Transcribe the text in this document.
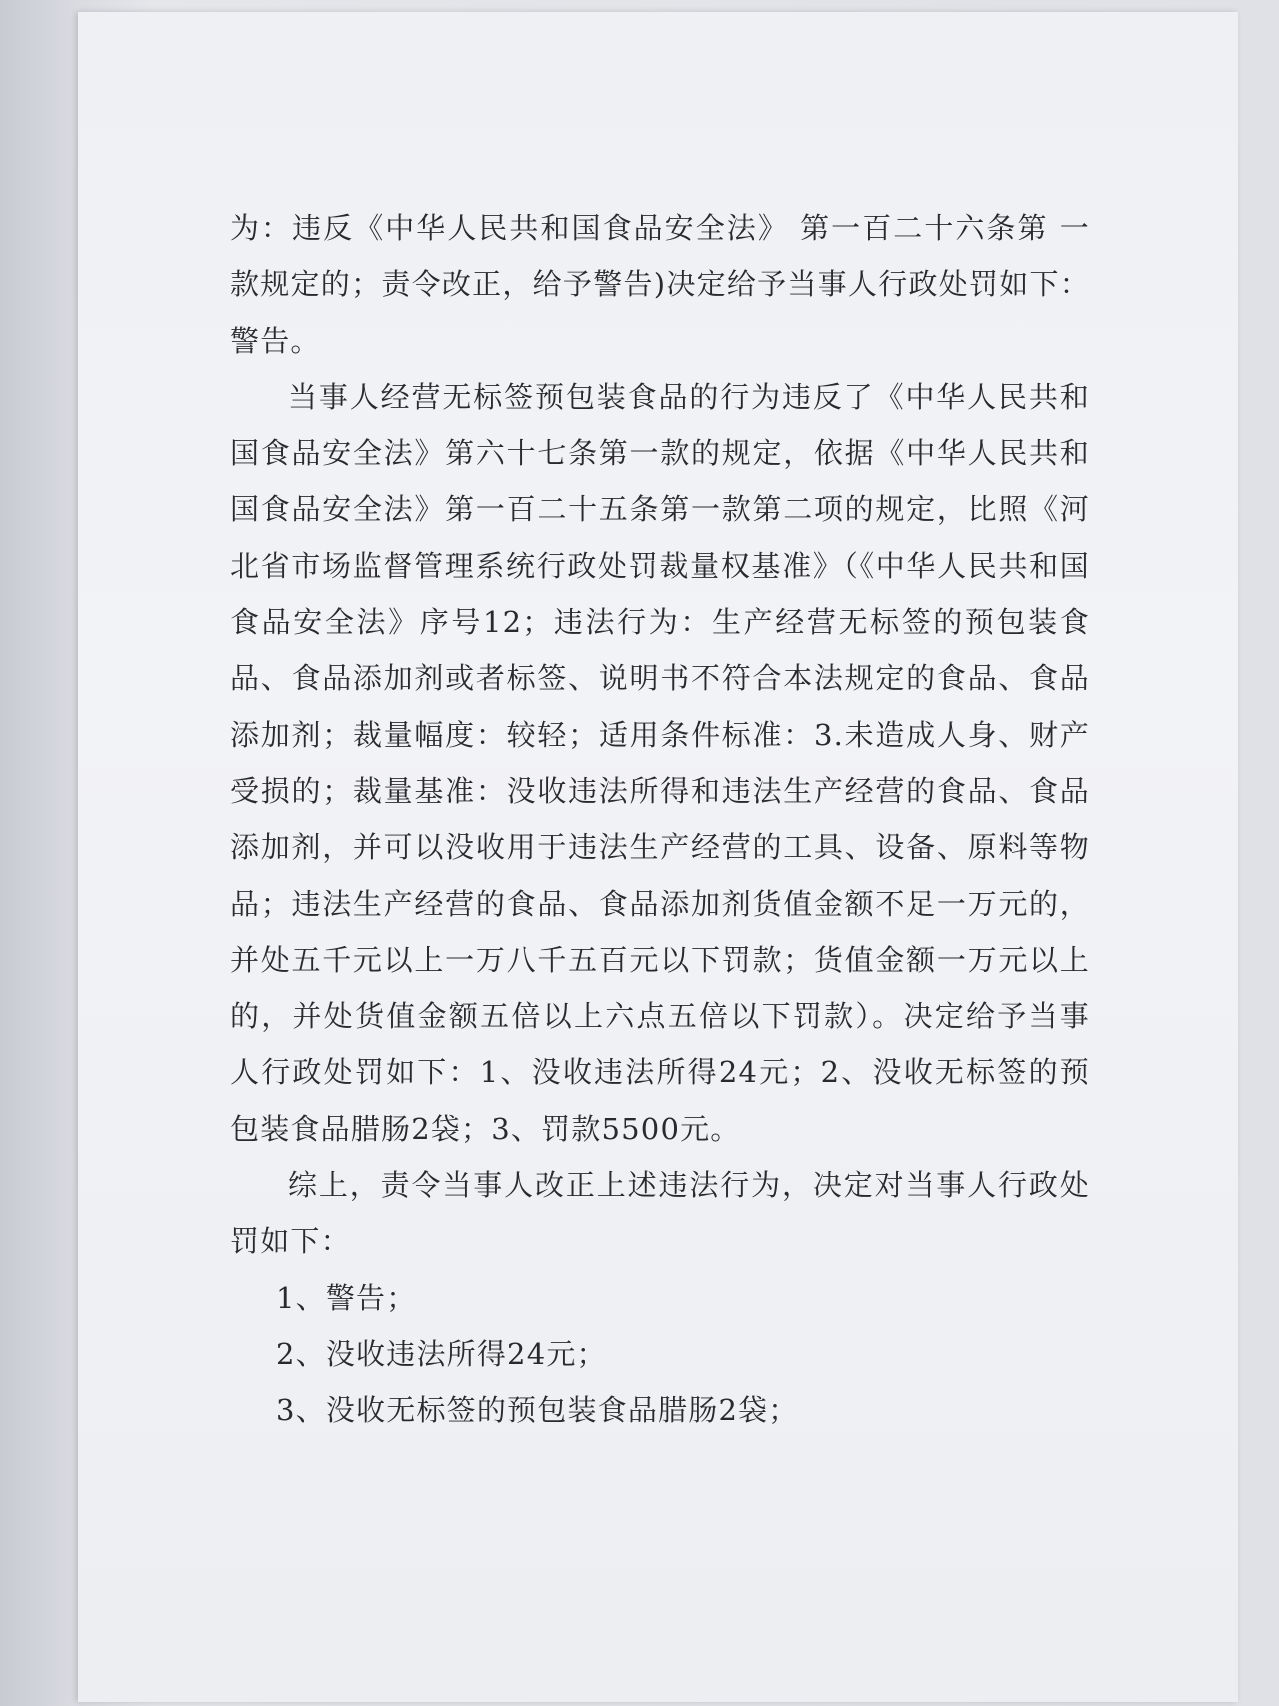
为：违反《中华人民共和国食品安全法》 第一百二十六条第 一款规定的；责令改正，给予警告)决定给予当事人行政处罚如下：警告。

当事人经营无标签预包装食品的行为违反了《中华人民共和国食品安全法》第六十七条第一款的规定，依据《中华人民共和国食品安全法》第一百二十五条第一款第二项的规定，比照《河北省市场监督管理系统行政处罚裁量权基准》（《中华人民共和国食品安全法》序号12；违法行为：生产经营无标签的预包装食品、食品添加剂或者标签、说明书不符合本法规定的食品、食品添加剂；裁量幅度：较轻；适用条件标准：3.未造成人身、财产受损的；裁量基准：没收违法所得和违法生产经营的食品、食品添加剂，并可以没收用于违法生产经营的工具、设备、原料等物品；违法生产经营的食品、食品添加剂货值金额不足一万元的，并处五千元以上一万八千五百元以下罚款；货值金额一万元以上的，并处货值金额五倍以上六点五倍以下罚款）。决定给予当事人行政处罚如下：1、没收违法所得24元；2、没收无标签的预包装食品腊肠2袋；3、罚款5500元。

综上，责令当事人改正上述违法行为，决定对当事人行政处罚如下：

1、警告；

2、没收违法所得24元；

3、没收无标签的预包装食品腊肠2袋；
